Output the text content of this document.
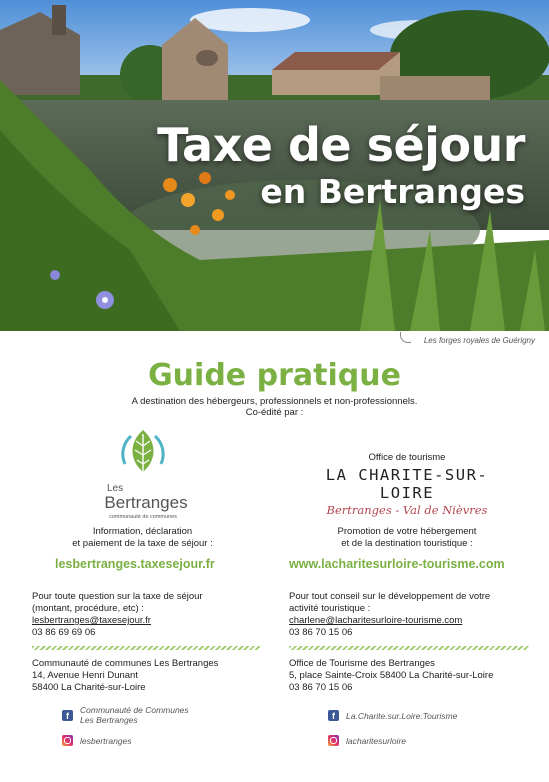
Taxe de séjour
en Bertranges
Les forges royales de Guérigny
Guide pratique
A destination des hébergeurs, professionnels et non-professionnels.
Co-édité par :
Les
Bertranges
communauté de communes
Office de tourisme
LA CHARITE-SUR-LOIRE
Bertranges - Val de Nièvres
Information, déclaration
et paiement de la taxe de séjour :
lesbertranges.taxesejour.fr
Pour toute question sur la taxe de séjour
(montant, procédure, etc) :
lesbertranges@taxesejour.fr
03 86 69 69 06
Communauté de communes Les Bertranges
14, Avenue Henri Dunant
58400 La Charité-sur-Loire
f
Communauté de Communes
Les Bertranges
lesbertranges
Promotion de votre hébergement
et de la destination touristique :
www.lacharitesurloire-tourisme.com
Pour tout conseil sur le développement de votre
activité touristique :
charlene@lacharitesurloire-tourisme.com
03 86 70 15 06
Office de Tourisme des Bertranges
5, place Sainte-Croix 58400 La Charité-sur-Loire
03 86 70 15 06
f	La.Charite.sur.Loire.Tourisme
lacharitesurloire
